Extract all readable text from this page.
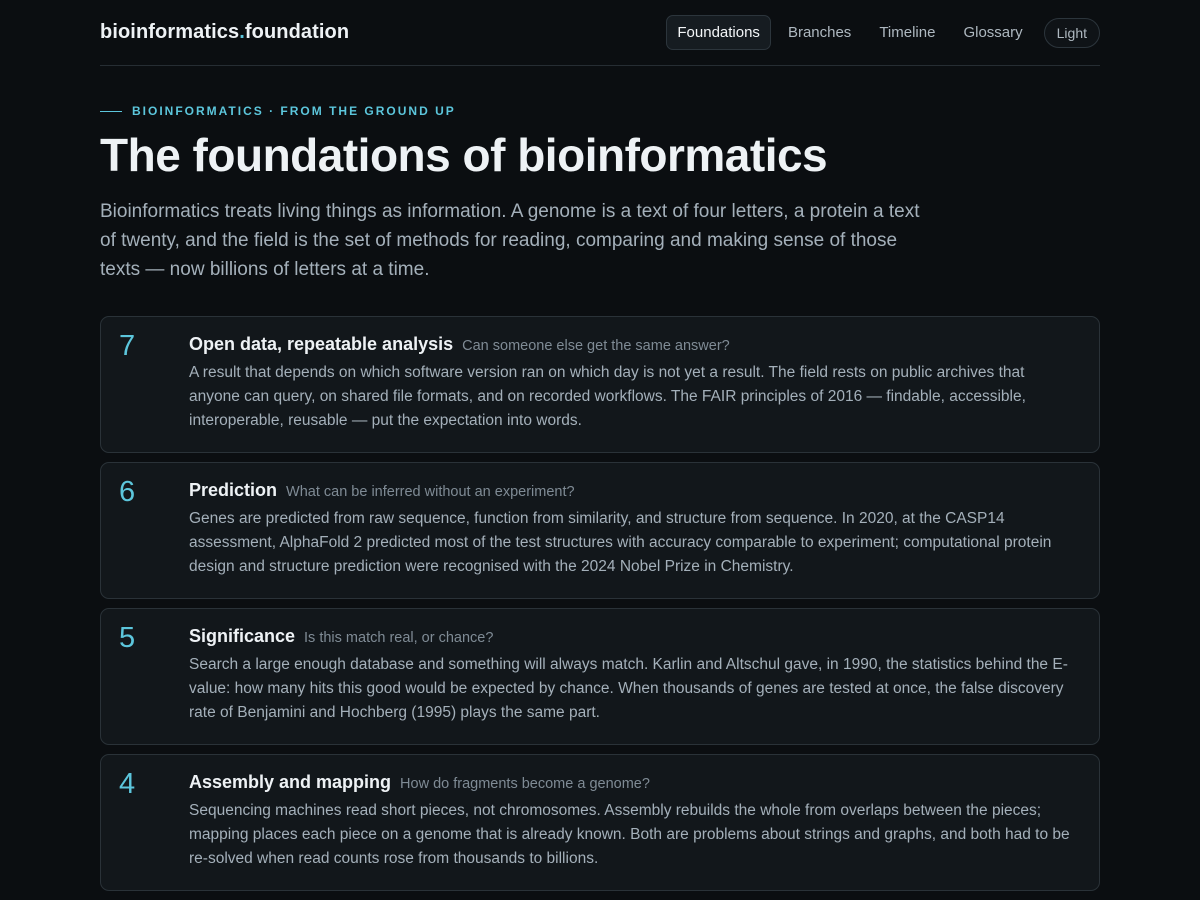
bioinformatics.foundation	Foundations	Branches	Timeline	Glossary	Light
BIOINFORMATICS · FROM THE GROUND UP
The foundations of bioinformatics

Bioinformatics treats living things as information. A genome is a text of four letters, a protein a text of twenty, and the field is the set of methods for reading, comparing and making sense of those texts — now billions of letters at a time.

7	Open data, repeatable analysis Can someone else get the same answer?

A result that depends on which software version ran on which day is not yet a result. The field rests on public archives that anyone can query, on shared file formats, and on recorded workflows. The FAIR principles of 2016 — findable, accessible, interoperable, reusable — put the expectation into words.

6	Prediction What can be inferred without an experiment?

Genes are predicted from raw sequence, function from similarity, and structure from sequence. In 2020, at the CASP14 assessment, AlphaFold 2 predicted most of the test structures with accuracy comparable to experiment; computational protein design and structure prediction were recognised with the 2024 Nobel Prize in Chemistry.

5	Significance Is this match real, or chance?

Search a large enough database and something will always match. Karlin and Altschul gave, in 1990, the statistics behind the E-value: how many hits this good would be expected by chance. When thousands of genes are tested at once, the false discovery rate of Benjamini and Hochberg (1995) plays the same part.

4	Assembly and mapping How do fragments become a genome?

Sequencing machines read short pieces, not chromosomes. Assembly rebuilds the whole from overlaps between the pieces; mapping places each piece on a genome that is already known. Both are problems about strings and graphs, and both had to be re-solved when read counts rose from thousands to billions.
